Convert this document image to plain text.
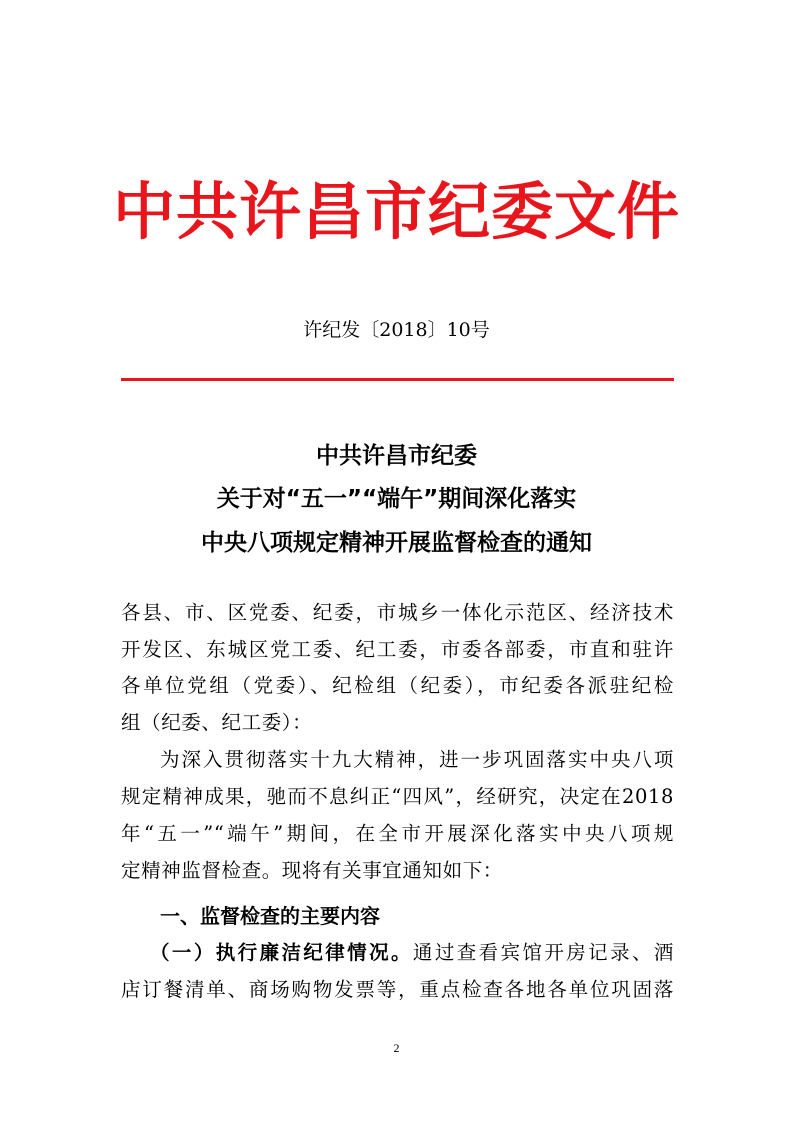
中共许昌市纪委文件
许纪发〔2018〕10号
中共许昌市纪委
关于对“五一”“端午”期间深化落实
中央八项规定精神开展监督检查的通知
各县、市、区党委、纪委，市城乡一体化示范区、经济技术
开发区、东城区党工委、纪工委，市委各部委，市直和驻许
各单位党组（党委）、纪检组（纪委），市纪委各派驻纪检
组（纪委、纪工委）：
为深入贯彻落实十九大精神，进一步巩固落实中央八项
规定精神成果，驰而不息纠正“四风”，经研究，决定在2018
年“五一”“端午”期间，在全市开展深化落实中央八项规
定精神监督检查。现将有关事宜通知如下：
一、监督检查的主要内容
（一）执行廉洁纪律情况。通过查看宾馆开房记录、酒
店订餐清单、商场购物发票等，重点检查各地各单位巩固落
2
